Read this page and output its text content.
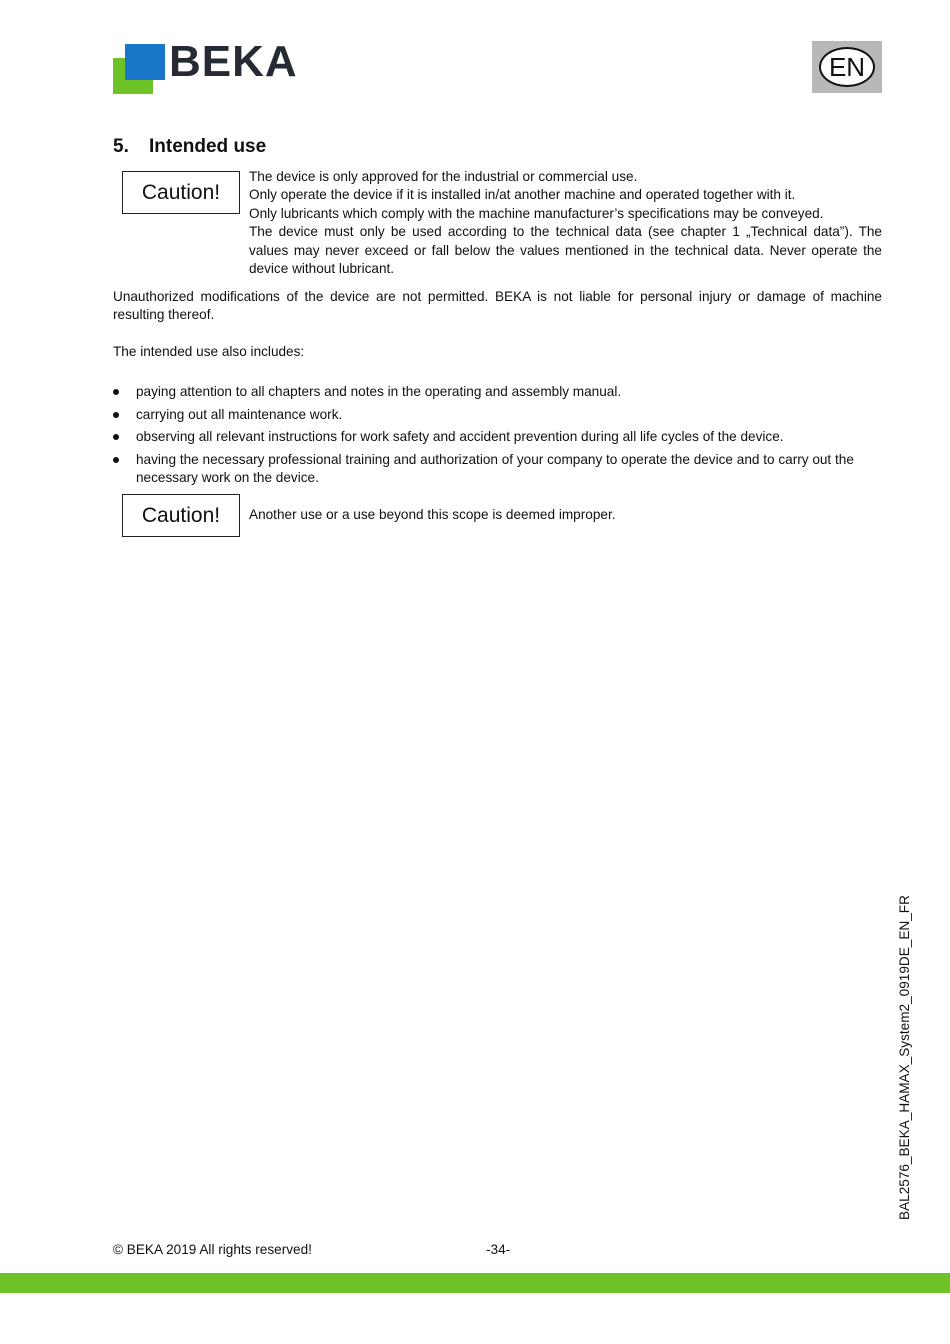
BEKA	EN
5. Intended use
Caution!

The device is only approved for the industrial or commercial use.

Only operate the device if it is installed in/at another machine and operated together with it.

Only lubricants which comply with the machine manufacturer’s specifications may be conveyed.

The device must only be used according to the technical data (see chapter 1 „Technical data”). The values may never exceed or fall below the values mentioned in the technical data. Never operate the device without lubricant.

Unauthorized modifications of the device are not permitted. BEKA is not liable for personal injury or damage of machine resulting thereof.

The intended use also includes:

paying attention to all chapters and notes in the operating and assembly manual.
carrying out all maintenance work.
observing all relevant instructions for work safety and accident prevention during all life cycles of the device.
having the necessary professional training and authorization of your company to operate the device and to carry out the necessary work on the device.
Caution!	Another use or a use beyond this scope is deemed improper.
BAL2576_BEKA_HAMAX_System2_0919DE_EN_FR
© BEKA 2019 All rights reserved!	-34-
